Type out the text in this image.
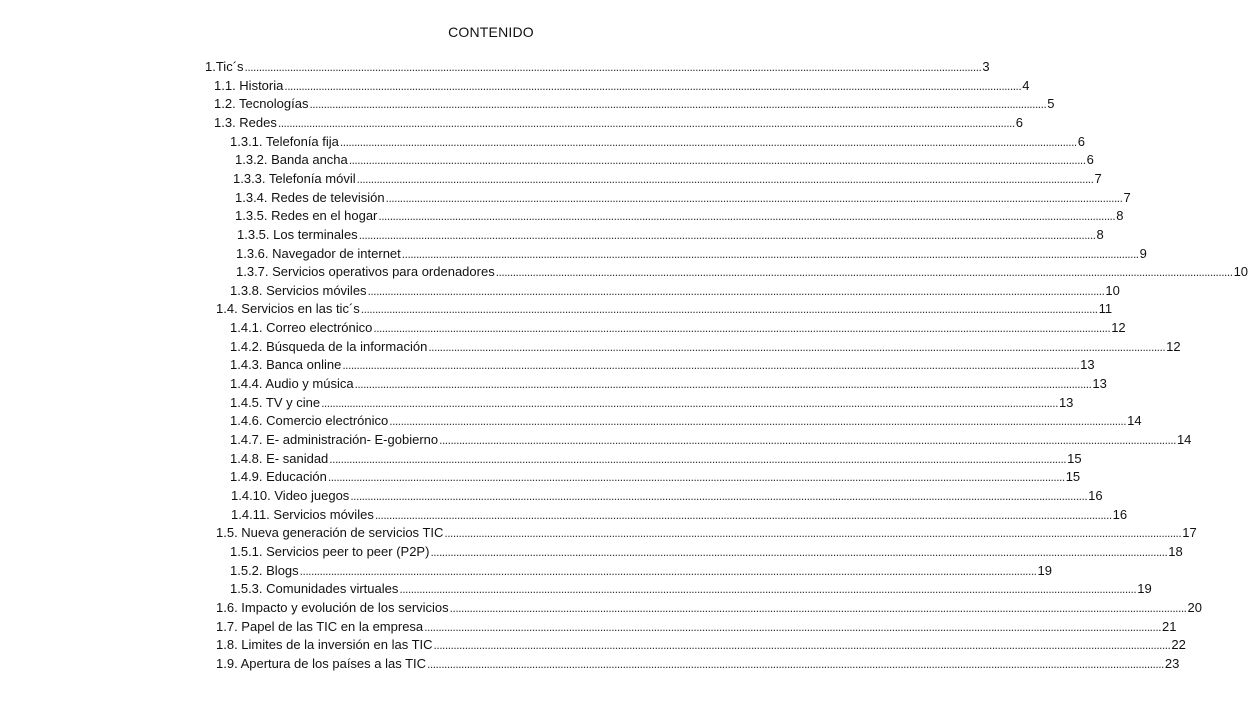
CONTENIDO
1.Tic´s .................................................................................................................................................................................................................................................................... 3
1.1. Historia .................................................................................................................................................................................................................................................................... 4
1.2. Tecnologías .................................................................................................................................................................................................................................................................... 5
1.3. Redes .................................................................................................................................................................................................................................................................... 6
1.3.1. Telefonía fija .................................................................................................................................................................................................................................................................... 6
1.3.2. Banda ancha .................................................................................................................................................................................................................................................................... 6
1.3.3. Telefonía móvil .................................................................................................................................................................................................................................................................... 7
1.3.4. Redes de televisión .................................................................................................................................................................................................................................................................... 7
1.3.5. Redes en el hogar .................................................................................................................................................................................................................................................................... 8
1.3.5. Los terminales .................................................................................................................................................................................................................................................................... 8
1.3.6. Navegador de internet .................................................................................................................................................................................................................................................................... 9
1.3.7. Servicios operativos para ordenadores .................................................................................................................................................................................................................................................................... 10
1.3.8. Servicios móviles .................................................................................................................................................................................................................................................................... 10
1.4. Servicios en las tic´s .................................................................................................................................................................................................................................................................... 11
1.4.1. Correo electrónico .................................................................................................................................................................................................................................................................... 12
1.4.2. Búsqueda de la información .................................................................................................................................................................................................................................................................... 12
1.4.3. Banca online .................................................................................................................................................................................................................................................................... 13
1.4.4. Audio y música .................................................................................................................................................................................................................................................................... 13
1.4.5. TV y cine .................................................................................................................................................................................................................................................................... 13
1.4.6. Comercio electrónico .................................................................................................................................................................................................................................................................... 14
1.4.7. E- administración- E-gobierno .................................................................................................................................................................................................................................................................... 14
1.4.8. E- sanidad .................................................................................................................................................................................................................................................................... 15
1.4.9. Educación .................................................................................................................................................................................................................................................................... 15
1.4.10. Video juegos .................................................................................................................................................................................................................................................................... 16
1.4.11. Servicios móviles .................................................................................................................................................................................................................................................................... 16
1.5. Nueva generación de servicios TIC .................................................................................................................................................................................................................................................................... 17
1.5.1. Servicios peer to peer (P2P) .................................................................................................................................................................................................................................................................... 18
1.5.2. Blogs .................................................................................................................................................................................................................................................................... 19
1.5.3. Comunidades virtuales .................................................................................................................................................................................................................................................................... 19
1.6. Impacto y evolución de los servicios .................................................................................................................................................................................................................................................................... 20
1.7. Papel de las TIC en la empresa .................................................................................................................................................................................................................................................................... 21
1.8. Limites de la inversión en las TIC .................................................................................................................................................................................................................................................................... 22
1.9. Apertura de los países a las TIC .................................................................................................................................................................................................................................................................... 23
